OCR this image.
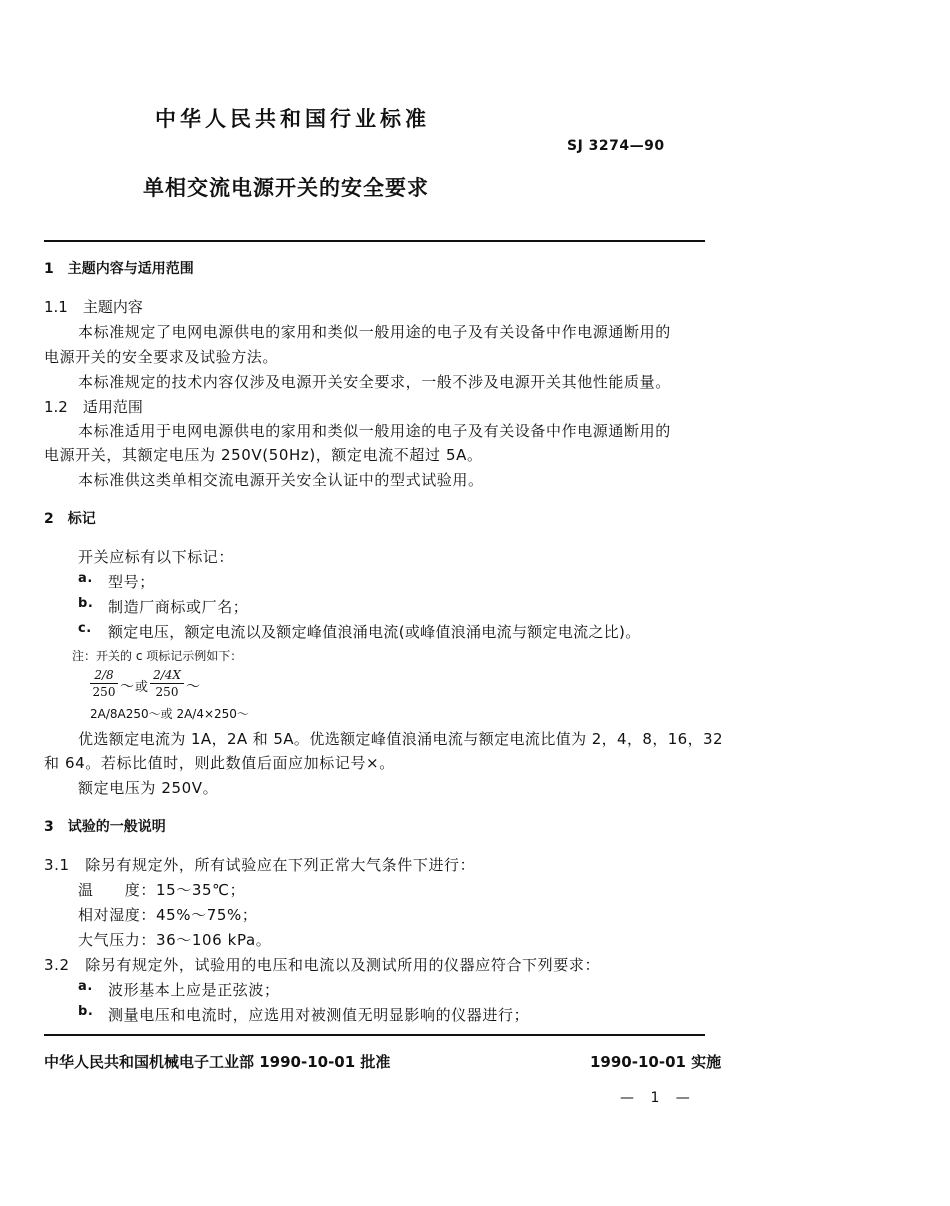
中华人民共和国行业标准
SJ 3274—90
单相交流电源开关的安全要求
1　主题内容与适用范围
1.1　主题内容
本标准规定了电网电源供电的家用和类似一般用途的电子及有关设备中作电源通断用的
电源开关的安全要求及试验方法。
本标准规定的技术内容仅涉及电源开关安全要求，一般不涉及电源开关其他性能质量。
1.2　适用范围
本标准适用于电网电源供电的家用和类似一般用途的电子及有关设备中作电源通断用的
电源开关，其额定电压为 250V(50Hz)，额定电流不超过 5A。
本标准供这类单相交流电源开关安全认证中的型式试验用。
2　标记
开关应标有以下标记：
a. 型号；
b. 制造厂商标或厂名；
c. 额定电压，额定电流以及额定峰值浪涌电流(或峰值浪涌电流与额定电流之比)。
注：开关的 c 项标记示例如下：
$\frac{2/8}{250}$ ～ 或 $\frac{2/4X}{250}$ ～
2A/8A250～或 2A/4×250～
优选额定电流为 1A，2A 和 5A。优选额定峰值浪涌电流与额定电流比值为 2，4，8，16，32
和 64。若标比值时，则此数值后面应加标记号×。
额定电压为 250V。
3　试验的一般说明
3.1　除另有规定外，所有试验应在下列正常大气条件下进行：
温　　度：15～35℃；
相对湿度：45%～75%；
大气压力：36～106 kPa。
3.2　除另有规定外，试验用的电压和电流以及测试所用的仪器应符合下列要求：
a. 波形基本上应是正弦波；
b. 测量电压和电流时，应选用对被测值无明显影响的仪器进行；
中华人民共和国机械电子工业部 1990-10-01 批准	1990-10-01 实施
— 1 —
